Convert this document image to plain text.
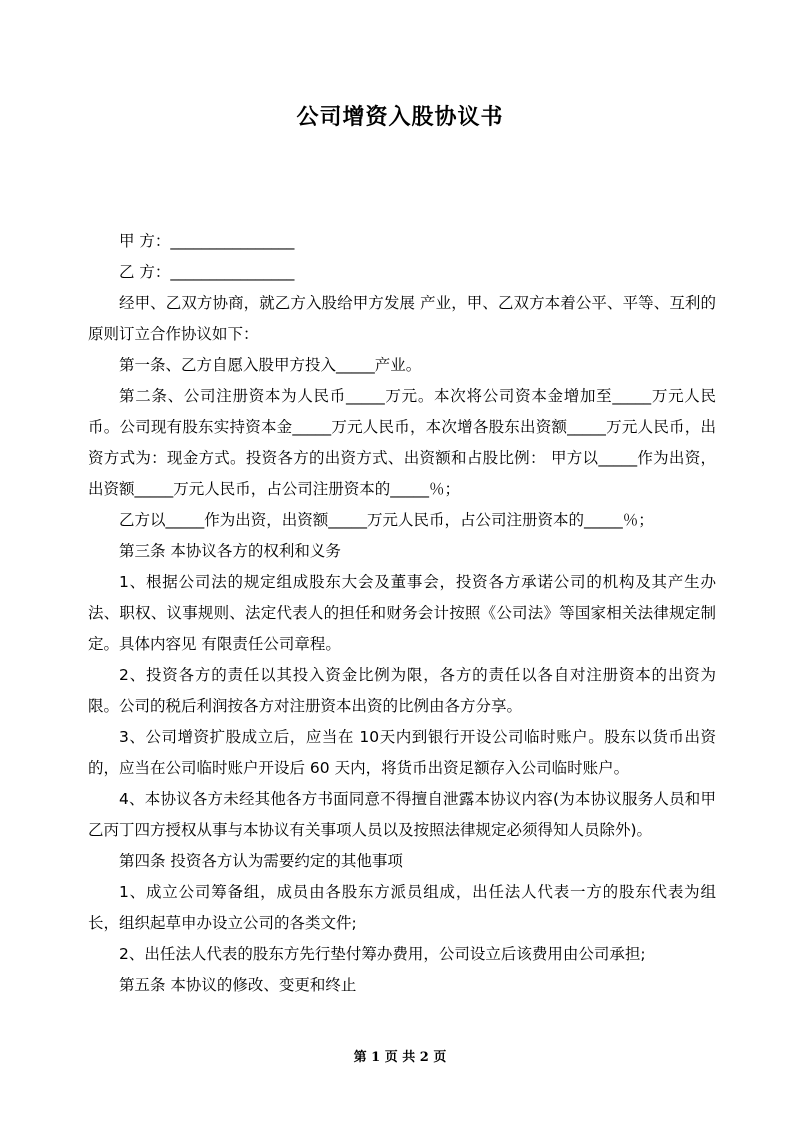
公司增资入股协议书

甲 方：________________

乙 方：________________

经甲、乙双方协商，就乙方入股给甲方发展 产业，甲、乙双方本着公平、平等、互利的原则订立合作协议如下：

第一条、乙方自愿入股甲方投入_____产业。

第二条、公司注册资本为人民币_____万元。本次将公司资本金增加至_____万元人民币。公司现有股东实持资本金_____万元人民币，本次增各股东出资额_____万元人民币，出资方式为：现金方式。投资各方的出资方式、出资额和占股比例： 甲方以_____作为出资，出资额_____万元人民币，占公司注册资本的_____％；

乙方以_____作为出资，出资额_____万元人民币，占公司注册资本的_____％；

第三条 本协议各方的权利和义务

1、根据公司法的规定组成股东大会及董事会，投资各方承诺公司的机构及其产生办法、职权、议事规则、法定代表人的担任和财务会计按照《公司法》等国家相关法律规定制定。具体内容见 有限责任公司章程。

2、投资各方的责任以其投入资金比例为限，各方的责任以各自对注册资本的出资为限。公司的税后利润按各方对注册资本出资的比例由各方分享。

3、公司增资扩股成立后，应当在 10天内到银行开设公司临时账户。股东以货币出资的，应当在公司临时账户开设后 60 天内，将货币出资足额存入公司临时账户。

4、本协议各方未经其他各方书面同意不得擅自泄露本协议内容(为本协议服务人员和甲乙丙丁四方授权从事与本协议有关事项人员以及按照法律规定必须得知人员除外)。

第四条 投资各方认为需要约定的其他事项

1、成立公司筹备组，成员由各股东方派员组成，出任法人代表一方的股东代表为组长，组织起草申办设立公司的各类文件;

2、出任法人代表的股东方先行垫付筹办费用，公司设立后该费用由公司承担;

第五条 本协议的修改、变更和终止

第 1 页 共 2 页
